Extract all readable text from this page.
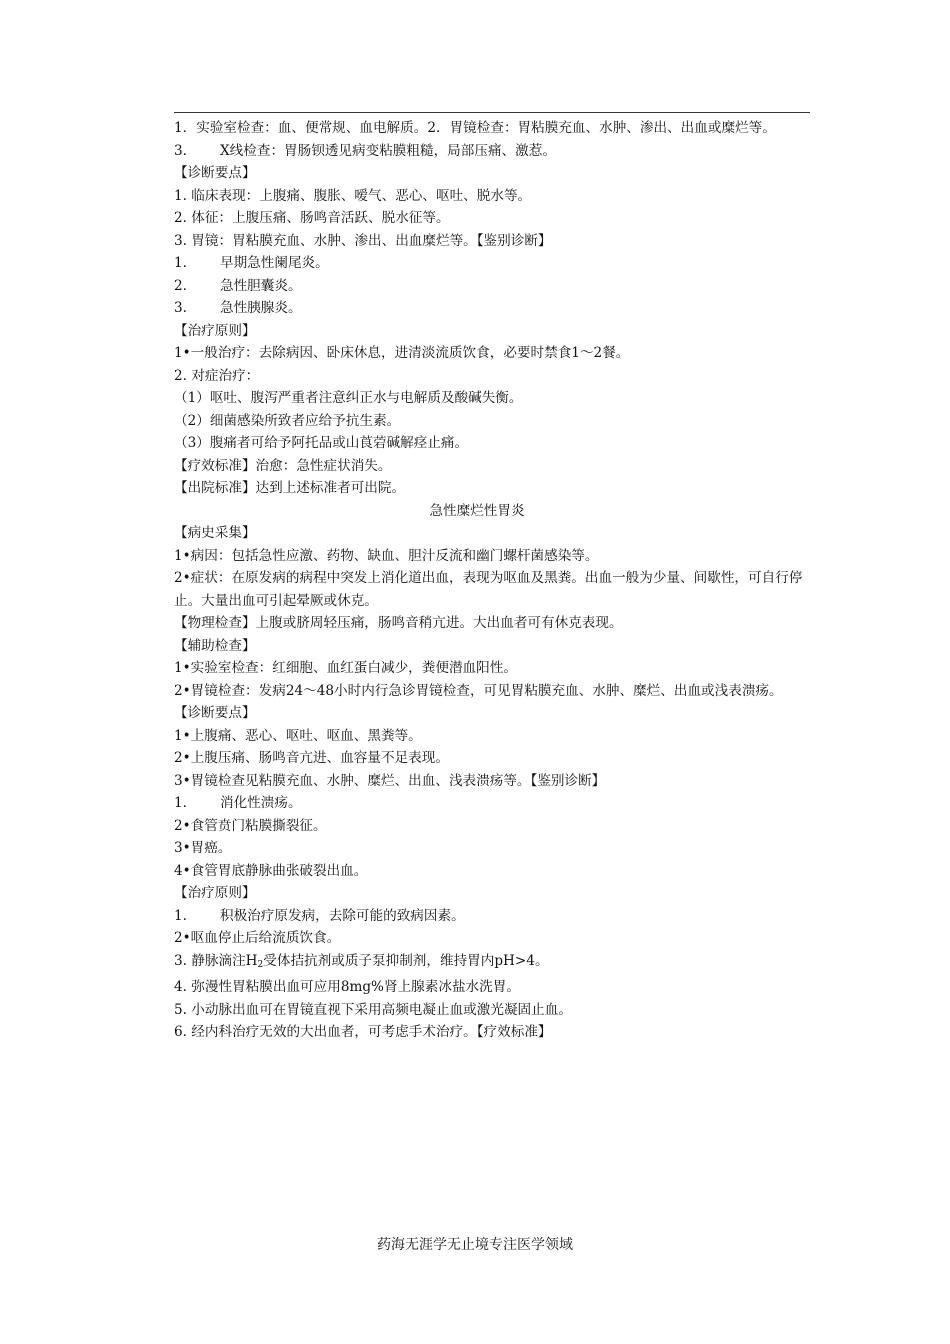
1．实验室检查：血、便常规、血电解质。2．胃镜检查：胃粘膜充血、水肿、渗出、出血或糜烂等。
3. X线检查：胃肠钡透见病变粘膜粗糙，局部压痛、激惹。
【诊断要点】
1. 临床表现：上腹痛、腹胀、嗳气、恶心、呕吐、脱水等。
2. 体征：上腹压痛、肠鸣音活跃、脱水征等。
3. 胃镜：胃粘膜充血、水肿、渗出、出血糜烂等。【鉴别诊断】
1. 早期急性阑尾炎。
2. 急性胆囊炎。
3. 急性胰腺炎。
【治疗原则】
1•一般治疗：去除病因、卧床休息，进清淡流质饮食，必要时禁食1〜2餐。
2. 对症治疗：
（1）呕吐、腹泻严重者注意纠正水与电解质及酸碱失衡。
（2）细菌感染所致者应给予抗生素。
（3）腹痛者可给予阿托品或山莨菪碱解痉止痛。
【疗效标准】治愈：急性症状消失。
【出院标准】达到上述标准者可出院。
急性糜烂性胃炎
【病史采集】
1•病因：包括急性应激、药物、缺血、胆汁反流和幽门螺杆菌感染等。
2•症状：在原发病的病程中突发上消化道出血，表现为呕血及黑粪。出血一般为少量、间歇性，可自行停止。大量出血可引起晕厥或休克。
【物理检查】上腹或脐周轻压痛，肠鸣音稍亢进。大出血者可有休克表现。
【辅助检查】
1•实验室检查：红细胞、血红蛋白减少，粪便潜血阳性。
2•胃镜检查：发病24〜48小时内行急诊胃镜检查，可见胃粘膜充血、水肿、糜烂、出血或浅表溃疡。
【诊断要点】
1•上腹痛、恶心、呕吐、呕血、黑粪等。
2•上腹压痛、肠鸣音亢进、血容量不足表现。
3•胃镜检查见粘膜充血、水肿、糜烂、出血、浅表溃疡等。【鉴别诊断】
1. 消化性溃疡。
2•食管贲门粘膜撕裂征。
3•胃癌。
4•食管胃底静脉曲张破裂出血。
【治疗原则】
1. 积极治疗原发病，去除可能的致病因素。
2•呕血停止后给流质饮食。
3. 静脉滴注$H_2$受体拮抗剂或质子泵抑制剂，维持胃内pH>4。
4. 弥漫性胃粘膜出血可应用8mg%肾上腺素冰盐水洗胃。
5. 小动脉出血可在胃镜直视下采用高频电凝止血或激光凝固止血。
6. 经内科治疗无效的大出血者，可考虑手术治疗。【疗效标准】
药海无涯学无止境专注医学领域
